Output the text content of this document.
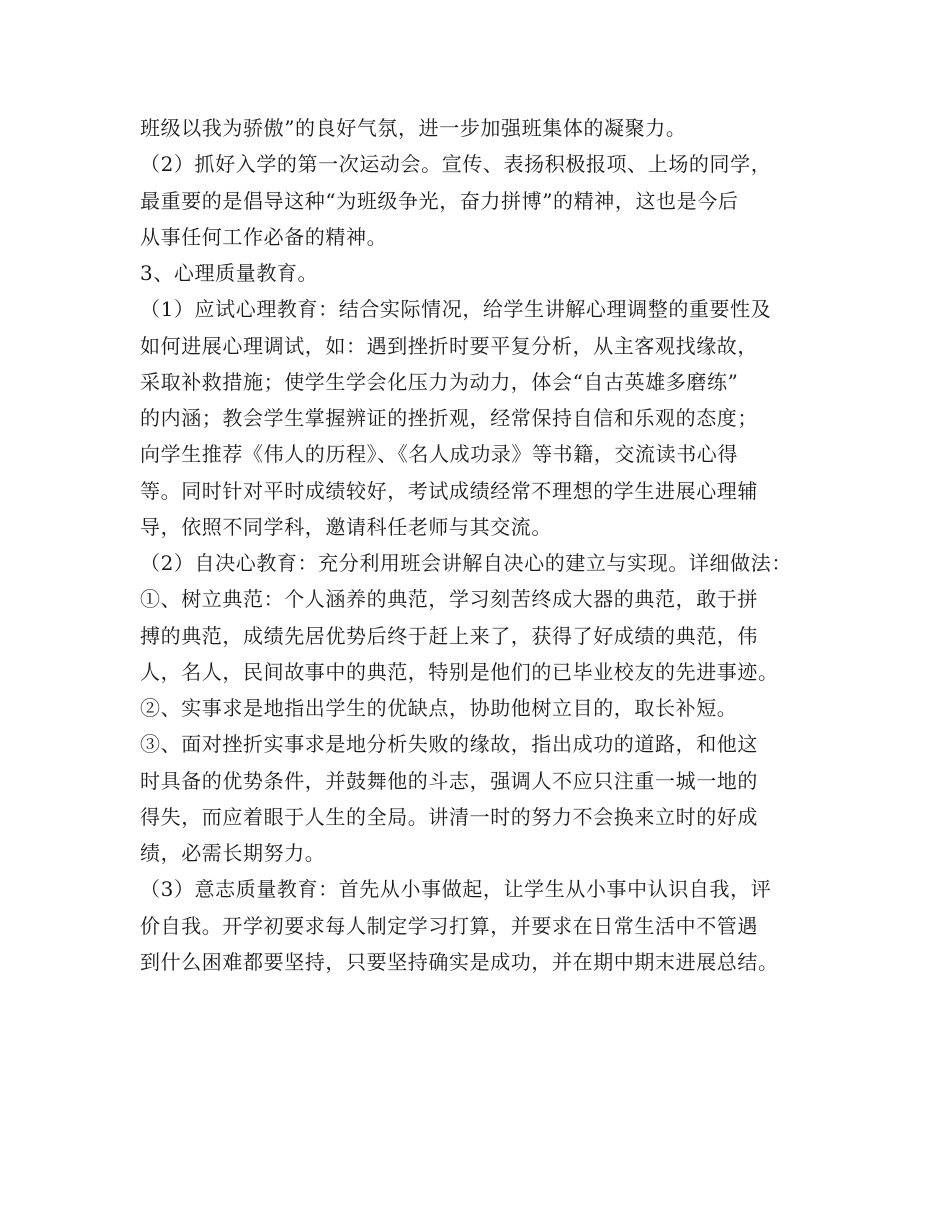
班级以我为骄傲”的良好气氛，进一步加强班集体的凝聚力。
（2）抓好入学的第一次运动会。宣传、表扬积极报项、上场的同学，
最重要的是倡导这种“为班级争光，奋力拼博”的精神，这也是今后
从事任何工作必备的精神。
3、心理质量教育。
（1）应试心理教育：结合实际情况，给学生讲解心理调整的重要性及
如何进展心理调试，如：遇到挫折时要平复分析，从主客观找缘故，
采取补救措施；使学生学会化压力为动力，体会“自古英雄多磨练”
的内涵；教会学生掌握辨证的挫折观，经常保持自信和乐观的态度；
向学生推荐《伟人的历程》、《名人成功录》等书籍，交流读书心得
等。同时针对平时成绩较好，考试成绩经常不理想的学生进展心理辅
导，依照不同学科，邀请科任老师与其交流。
（2）自决心教育：充分利用班会讲解自决心的建立与实现。详细做法：
①、树立典范：个人涵养的典范，学习刻苦终成大器的典范，敢于拼
搏的典范，成绩先居优势后终于赶上来了，获得了好成绩的典范，伟
人，名人，民间故事中的典范，特别是他们的已毕业校友的先进事迹。
②、实事求是地指出学生的优缺点，协助他树立目的，取长补短。
③、面对挫折实事求是地分析失败的缘故，指出成功的道路，和他这
时具备的优势条件，并鼓舞他的斗志，强调人不应只注重一城一地的
得失，而应着眼于人生的全局。讲清一时的努力不会换来立时的好成
绩，必需长期努力。
（3）意志质量教育：首先从小事做起，让学生从小事中认识自我，评
价自我。开学初要求每人制定学习打算，并要求在日常生活中不管遇
到什么困难都要坚持，只要坚持确实是成功，并在期中期末进展总结。
